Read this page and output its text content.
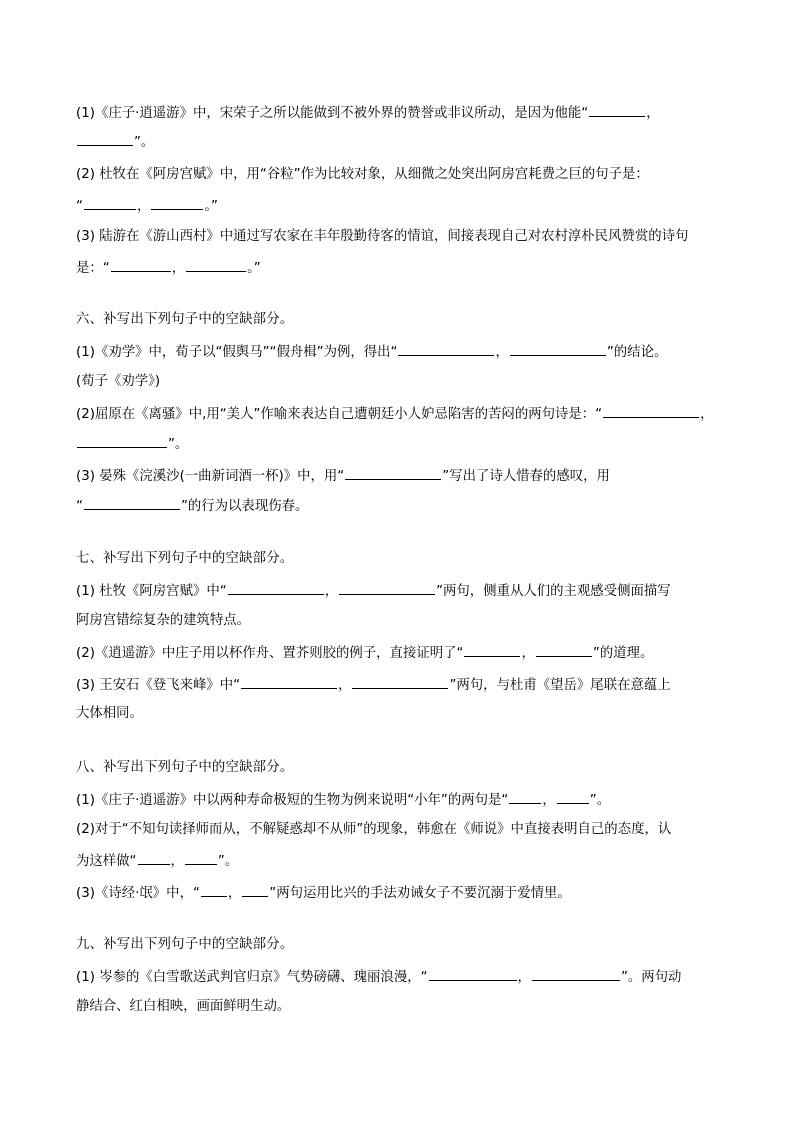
(1)《庄子·逍遥游》中，宋荣子之所以能做到不被外界的赞誉或非议所动，是因为他能“	，
”。
(2) 杜牧在《阿房宫赋》中，用“谷粒”作为比较对象，从细微之处突出阿房宫耗费之巨的句子是：
“	，	。”
(3) 陆游在《游山西村》中通过写农家在丰年殷勤待客的情谊，间接表现自己对农村淳朴民风赞赏的诗句
是：“	，	。”
六、补写出下列句子中的空缺部分。
(1)《劝学》中，荀子以“假舆马”“假舟楫”为例，得出“	，	”的结论。
(荀子《劝学》)
(2)屈原在《离骚》中,用“美人”作喻来表达自己遭朝廷小人妒忌陷害的苦闷的两句诗是：“	，
”。
(3) 晏殊《浣溪沙(一曲新词酒一杯)》中，用“	”写出了诗人惜春的感叹，用
“	”的行为以表现伤春。
七、补写出下列句子中的空缺部分。
(1) 杜牧《阿房宫赋》中“	，	”两句，侧重从人们的主观感受侧面描写
阿房宫错综复杂的建筑特点。
(2)《逍遥游》中庄子用以杯作舟、置芥则胶的例子，直接证明了“	，	”的道理。
(3) 王安石《登飞来峰》中“	，	”两句，与杜甫《望岳》尾联在意蕴上
大体相同。
八、补写出下列句子中的空缺部分。
(1)《庄子·逍遥游》中以两种寿命极短的生物为例来说明“小年”的两句是“	，	”。
(2)对于“不知句读择师而从，不解疑惑却不从师”的现象，韩愈在《师说》中直接表明自己的态度，认
为这样做“	，	”。
(3)《诗经·氓》中，“ ， ”两句运用比兴的手法劝诫女子不要沉溺于爱情里。
九、补写出下列句子中的空缺部分。
(1) 岑参的《白雪歌送武判官归京》气势磅礴、瑰丽浪漫，“	，	”。两句动
静结合、红白相映，画面鲜明生动。
